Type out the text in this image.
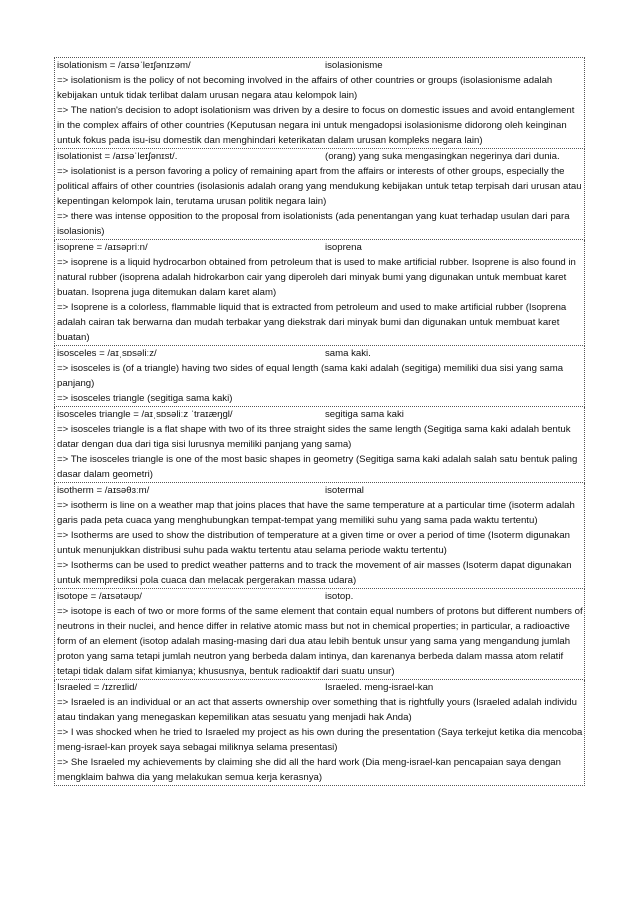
isolationism = /aɪsəˈleɪʃənɪzəm/	isolasionisme
=> isolationism is the policy of not becoming involved in the affairs of other countries or groups (isolasionisme adalah kebijakan untuk tidak terlibat dalam urusan negara atau kelompok lain)
=> The nation's decision to adopt isolationism was driven by a desire to focus on domestic issues and avoid entanglement in the complex affairs of other countries (Keputusan negara ini untuk mengadopsi isolasionisme didorong oleh keinginan untuk fokus pada isu-isu domestik dan menghindari keterikatan dalam urusan kompleks negara lain)
isolationist = /aɪsəˈleɪʃənɪst/.	(orang) yang suka mengasingkan negerinya dari dunia.
=> isolationist is a person favoring a policy of remaining apart from the affairs or interests of other groups, especially the political affairs of other countries (isolasionis adalah orang yang mendukung kebijakan untuk tetap terpisah dari urusan atau kepentingan kelompok lain, terutama urusan politik negara lain)
=> there was intense opposition to the proposal from isolationists (ada penentangan yang kuat terhadap usulan dari para isolasionis)
isoprene = /aɪsəpriːn/	isoprena
=> isoprene is a liquid hydrocarbon obtained from petroleum that is used to make artificial rubber. Isoprene is also found in natural rubber (isoprena adalah hidrokarbon cair yang diperoleh dari minyak bumi yang digunakan untuk membuat karet buatan. Isoprena juga ditemukan dalam karet alam)
=> Isoprene is a colorless, flammable liquid that is extracted from petroleum and used to make artificial rubber (Isoprena adalah cairan tak berwarna dan mudah terbakar yang diekstrak dari minyak bumi dan digunakan untuk membuat karet buatan)
isosceles = /aɪˌsɒsəliːz/	sama kaki.
=> isosceles is (of a triangle) having two sides of equal length (sama kaki adalah (segitiga) memiliki dua sisi yang sama panjang)
=> isosceles triangle (segitiga sama kaki)
isosceles triangle = /aɪˌsɒsəliːz ˈtraɪæŋɡl/	segitiga sama kaki
=> isosceles triangle is a flat shape with two of its three straight sides the same length (Segitiga sama kaki adalah bentuk datar dengan dua dari tiga sisi lurusnya memiliki panjang yang sama)
=> The isosceles triangle is one of the most basic shapes in geometry (Segitiga sama kaki adalah salah satu bentuk paling dasar dalam geometri)
isotherm = /aɪsəθɜːm/	isotermal
=> isotherm is line on a weather map that joins places that have the same temperature at a particular time (isoterm adalah garis pada peta cuaca yang menghubungkan tempat-tempat yang memiliki suhu yang sama pada waktu tertentu)
=> Isotherms are used to show the distribution of temperature at a given time or over a period of time (Isoterm digunakan untuk menunjukkan distribusi suhu pada waktu tertentu atau selama periode waktu tertentu)
=> Isotherms can be used to predict weather patterns and to track the movement of air masses (Isoterm dapat digunakan untuk memprediksi pola cuaca dan melacak pergerakan massa udara)
isotope = /aɪsətəʊp/	isotop.
=> isotope is each of two or more forms of the same element that contain equal numbers of protons but different numbers of neutrons in their nuclei, and hence differ in relative atomic mass but not in chemical properties; in particular, a radioactive form of an element (isotop adalah masing-masing dari dua atau lebih bentuk unsur yang sama yang mengandung jumlah proton yang sama tetapi jumlah neutron yang berbeda dalam intinya, dan karenanya berbeda dalam massa atom relatif tetapi tidak dalam sifat kimianya; khususnya, bentuk radioaktif dari suatu unsur)
Israeled = /ɪzreɪlid/	Israeled. meng-israel-kan
=> Israeled is an individual or an act that asserts ownership over something that is rightfully yours (Israeled adalah individu atau tindakan yang menegaskan kepemilikan atas sesuatu yang menjadi hak Anda)
=> I was shocked when he tried to Israeled my project as his own during the presentation (Saya terkejut ketika dia mencoba meng-israel-kan proyek saya sebagai miliknya selama presentasi)
=> She Israeled my achievements by claiming she did all the hard work (Dia meng-israel-kan pencapaian saya dengan mengklaim bahwa dia yang melakukan semua kerja kerasnya)
